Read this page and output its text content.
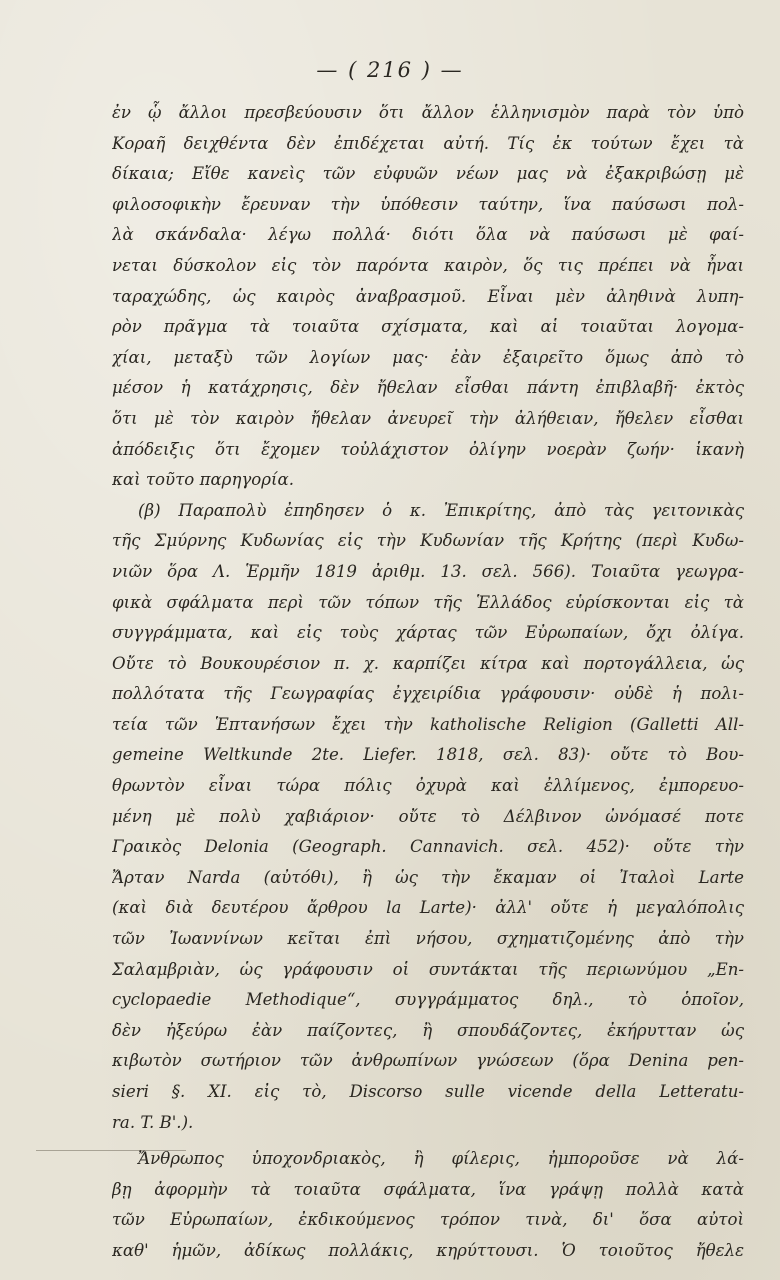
— ( 216 ) —
ἐν ᾧ ἄλλοι πρεσβεύουσιν ὅτι ἄλλον ἑλληνισμὸν παρὰ τὸν ὑπὸ
Κοραῆ δειχθέντα δὲν ἐπιδέχεται αὐτή. Τίς ἐκ τούτων ἔχει τὰ
δίκαια; Εἴθε κανεὶς τῶν εὐφυῶν νέων μας νὰ ἐξακριβώσῃ μὲ
φιλοσοφικὴν ἔρευναν τὴν ὑπόθεσιν ταύτην, ἵνα παύσωσι πολ-
λὰ σκάνδαλα· λέγω πολλά· διότι ὅλα νὰ παύσωσι μὲ φαί-
νεται δύσκολον εἰς τὸν παρόντα καιρὸν, ὅς τις πρέπει νὰ ἦναι
ταραχώδης, ὡς καιρὸς ἀναβρασμοῦ. Εἶναι μὲν ἀληθινὰ λυπη-
ρὸν πρᾶγμα τὰ τοιαῦτα σχίσματα, καὶ αἱ τοιαῦται λογομα-
χίαι, μεταξὺ τῶν λογίων μας· ἐὰν ἐξαιρεῖτο ὅμως ἀπὸ τὸ
μέσον ἡ κατάχρησις, δὲν ἤθελαν εἶσθαι πάντη ἐπιβλαβῆ· ἐκτὸς
ὅτι μὲ τὸν καιρὸν ἤθελαν ἀνευρεῖ τὴν ἀλήθειαν, ἤθελεν εἶσθαι
ἀπόδειξις ὅτι ἔχομεν τοὐλάχιστον ὀλίγην νοερὰν ζωήν· ἱκανὴ
καὶ τοῦτο παρηγορία.
(β) Παραπολὺ ἐπηδησεν ὁ κ. Ἐπικρίτης, ἀπὸ τὰς γειτονικὰς
τῆς Σμύρνης Κυδωνίας εἰς τὴν Κυδωνίαν τῆς Κρήτης (περὶ Κυδω-
νιῶν ὅρα Λ. Ἑρμῆν 1819 ἀριθμ. 13. σελ. 566). Τοιαῦτα γεωγρα-
φικὰ σφάλματα περὶ τῶν τόπων τῆς Ἑλλάδος εὑρίσκονται εἰς τὰ
συγγράμματα, καὶ εἰς τοὺς χάρτας τῶν Εὐρωπαίων, ὄχι ὀλίγα.
Οὔτε τὸ Βουκουρέσιον π. χ. καρπίζει κίτρα καὶ πορτογάλλεια, ὡς
πολλότατα τῆς Γεωγραφίας ἐγχειρίδια γράφουσιν· οὐδὲ ἡ πολι-
τεία τῶν Ἑπτανήσων ἔχει τὴν katholische Religion (Galletti All-
gemeine Weltkunde 2te. Liefer. 1818, σελ. 83)· οὔτε τὸ Βου-
θρωντὸν εἶναι τώρα πόλις ὀχυρὰ καὶ ἐλλίμενος, ἐμπορευο-
μένη μὲ πολὺ χαβιάριον· οὔτε τὸ Δέλβινον ὠνόμασέ ποτε
Γραικὸς Delonia (Geograph. Cannavich. σελ. 452)· οὔτε τὴν
Ἄρταν Narda (αὐτόθι), ἢ ὡς τὴν ἔκαμαν οἱ Ἰταλοὶ Larte
(καὶ διὰ δευτέρου ἄρθρου la Larte)· ἀλλ' οὔτε ἡ μεγαλόπολις
τῶν Ἰωαννίνων κεῖται ἐπὶ νήσου, σχηματιζομένης ἀπὸ τὴν
Σαλαμβριὰν, ὡς γράφουσιν οἱ συντάκται τῆς περιωνύμου „En-
cyclopaedie Methodique“, συγγράμματος δηλ., τὸ ὁποῖον,
δὲν ἠξεύρω ἐὰν παίζοντες, ἢ σπουδάζοντες, ἐκήρυτταν ὡς
κιβωτὸν σωτήριον τῶν ἀνθρωπίνων γνώσεων (ὅρα Denina pen-
sieri §. XI. εἰς τὸ, Discorso sulle vicende della Letteratu-
ra. T. B'.).
Ἄνθρωπος ὑποχονδριακὸς, ἢ φίλερις, ἠμποροῦσε νὰ λά-
βῃ ἀφορμὴν τὰ τοιαῦτα σφάλματα, ἵνα γράψῃ πολλὰ κατὰ
τῶν Εὐρωπαίων, ἐκδικούμενος τρόπον τινὰ, δι' ὅσα αὐτοὶ
καθ' ἡμῶν, ἀδίκως πολλάκις, κηρύττουσι. Ὁ τοιοῦτος ἤθελε
